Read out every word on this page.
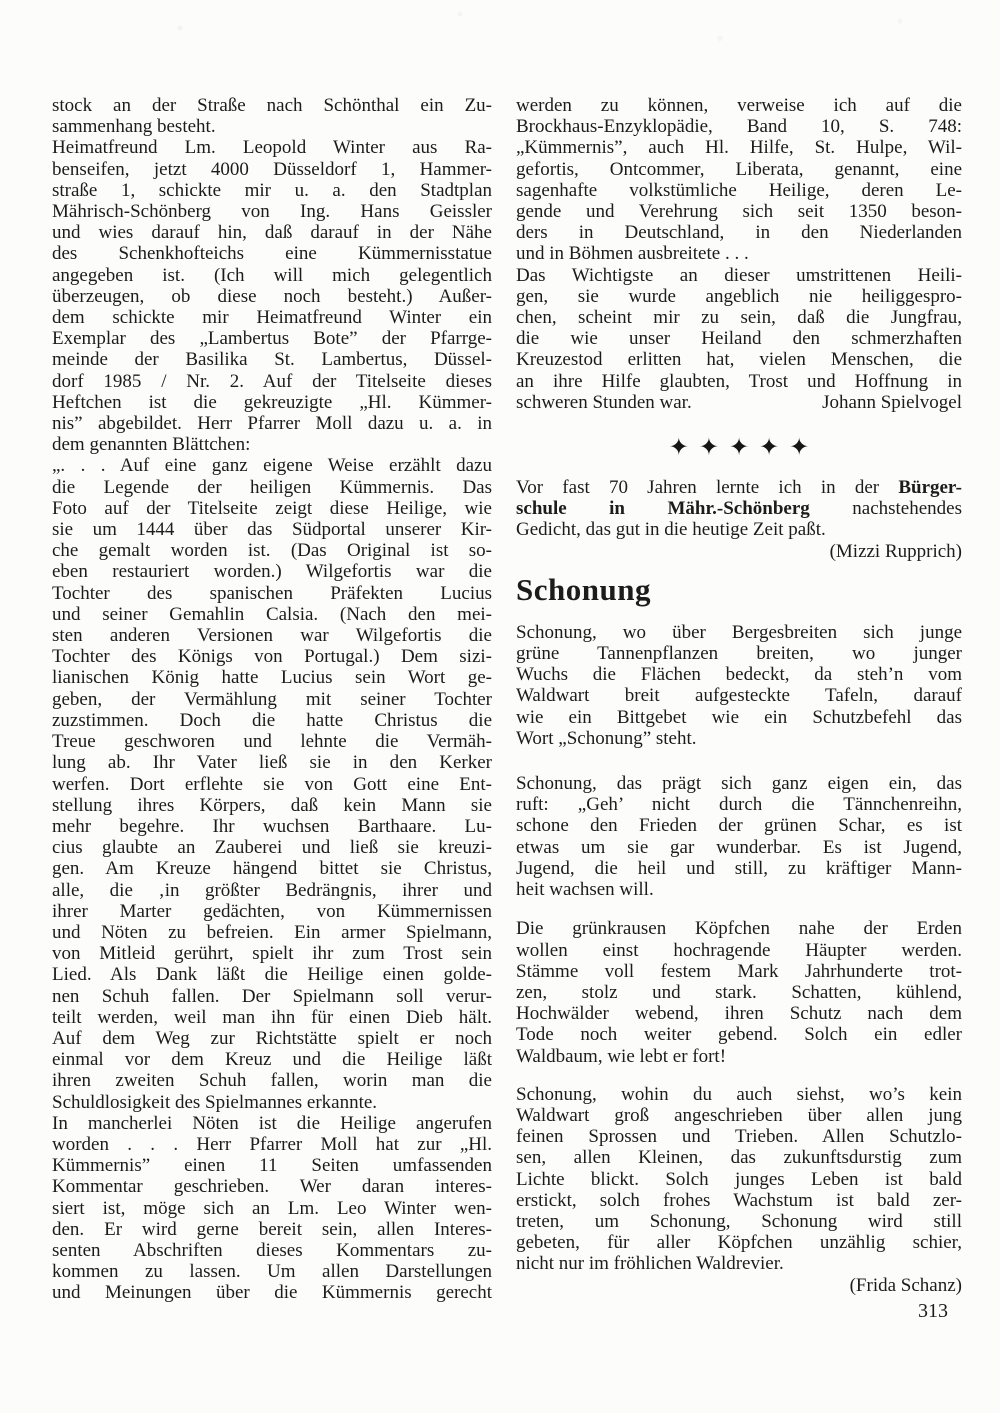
stock an der Straße nach Schönthal ein Zu-
sammenhang besteht.
Heimatfreund Lm. Leopold Winter aus Ra-
benseifen, jetzt 4000 Düsseldorf 1, Hammer-
straße 1, schickte mir u. a. den Stadtplan
Mährisch-Schönberg von Ing. Hans Geissler
und wies darauf hin, daß darauf in der Nähe
des Schenkhofteichs eine Kümmernisstatue
angegeben ist. (Ich will mich gelegentlich
überzeugen, ob diese noch besteht.) Außer-
dem schickte mir Heimatfreund Winter ein
Exemplar des „Lambertus Bote” der Pfarrge-
meinde der Basilika St. Lambertus, Düssel-
dorf 1985 / Nr. 2. Auf der Titelseite dieses
Heftchen ist die gekreuzigte „Hl. Kümmer-
nis” abgebildet. Herr Pfarrer Moll dazu u. a. in
dem genannten Blättchen:
„. . . Auf eine ganz eigene Weise erzählt dazu
die Legende der heiligen Kümmernis. Das
Foto auf der Titelseite zeigt diese Heilige, wie
sie um 1444 über das Südportal unserer Kir-
che gemalt worden ist. (Das Original ist so-
eben restauriert worden.) Wilgefortis war die
Tochter des spanischen Präfekten Lucius
und seiner Gemahlin Calsia. (Nach den mei-
sten anderen Versionen war Wilgefortis die
Tochter des Königs von Portugal.) Dem sizi-
lianischen König hatte Lucius sein Wort ge-
geben, der Vermählung mit seiner Tochter
zuzstimmen. Doch die hatte Christus die
Treue geschworen und lehnte die Vermäh-
lung ab. Ihr Vater ließ sie in den Kerker
werfen. Dort erflehte sie von Gott eine Ent-
stellung ihres Körpers, daß kein Mann sie
mehr begehre. Ihr wuchsen Barthaare. Lu-
cius glaubte an Zauberei und ließ sie kreuzi-
gen. Am Kreuze hängend bittet sie Christus,
alle, die ‚in größter Bedrängnis, ihrer und
ihrer Marter gedächten, von Kümmernissen
und Nöten zu befreien. Ein armer Spielmann,
von Mitleid gerührt, spielt ihr zum Trost sein
Lied. Als Dank läßt die Heilige einen golde-
nen Schuh fallen. Der Spielmann soll verur-
teilt werden, weil man ihn für einen Dieb hält.
Auf dem Weg zur Richtstätte spielt er noch
einmal vor dem Kreuz und die Heilige läßt
ihren zweiten Schuh fallen, worin man die
Schuldlosigkeit des Spielmannes erkannte.
In mancherlei Nöten ist die Heilige angerufen
worden . . . Herr Pfarrer Moll hat zur „Hl.
Kümmernis” einen 11 Seiten umfassenden
Kommentar geschrieben. Wer daran interes-
siert ist, möge sich an Lm. Leo Winter wen-
den. Er wird gerne bereit sein, allen Interes-
senten Abschriften dieses Kommentars zu-
kommen zu lassen. Um allen Darstellungen
und Meinungen über die Kümmernis gerecht
werden zu können, verweise ich auf die
Brockhaus-Enzyklopädie, Band 10, S. 748:
„Kümmernis”, auch Hl. Hilfe, St. Hulpe, Wil-
gefortis, Ontcommer, Liberata, genannt, eine
sagenhafte volkstümliche Heilige, deren Le-
gende und Verehrung sich seit 1350 beson-
ders in Deutschland, in den Niederlanden
und in Böhmen ausbreitete . . .
Das Wichtigste an dieser umstrittenen Heili-
gen, sie wurde angeblich nie heiliggespro-
chen, scheint mir zu sein, daß die Jungfrau,
die wie unser Heiland den schmerzhaften
Kreuzestod erlitten hat, vielen Menschen, die
an ihre Hilfe glaubten, Trost und Hoffnung in
schweren Stunden war.	Johann Spielvogel
✦ ✦ ✦ ✦ ✦
Vor fast 70 Jahren lernte ich in der Bürger-
schule in Mähr.-Schönberg nachstehendes
Gedicht, das gut in die heutige Zeit paßt.
(Mizzi Rupprich)
Schonung
Schonung, wo über Bergesbreiten sich junge
grüne Tannenpflanzen breiten, wo junger
Wuchs die Flächen bedeckt, da steh’n vom
Waldwart breit aufgesteckte Tafeln, darauf
wie ein Bittgebet wie ein Schutzbefehl das
Wort „Schonung” steht.
Schonung, das prägt sich ganz eigen ein, das
ruft: „Geh’ nicht durch die Tännchenreihn,
schone den Frieden der grünen Schar, es ist
etwas um sie gar wunderbar. Es ist Jugend,
Jugend, die heil und still, zu kräftiger Mann-
heit wachsen will.
Die grünkrausen Köpfchen nahe der Erden
wollen einst hochragende Häupter werden.
Stämme voll festem Mark Jahrhunderte trot-
zen, stolz und stark. Schatten, kühlend,
Hochwälder webend, ihren Schutz nach dem
Tode noch weiter gebend. Solch ein edler
Waldbaum, wie lebt er fort!
Schonung, wohin du auch siehst, wo’s kein
Waldwart groß angeschrieben über allen jung
feinen Sprossen und Trieben. Allen Schutzlo-
sen, allen Kleinen, das zukunftsdurstig zum
Lichte blickt. Solch junges Leben ist bald
erstickt, solch frohes Wachstum ist bald zer-
treten, um Schonung, Schonung wird still
gebeten, für aller Köpfchen unzählig schier,
nicht nur im fröhlichen Waldrevier.
(Frida Schanz)
313
